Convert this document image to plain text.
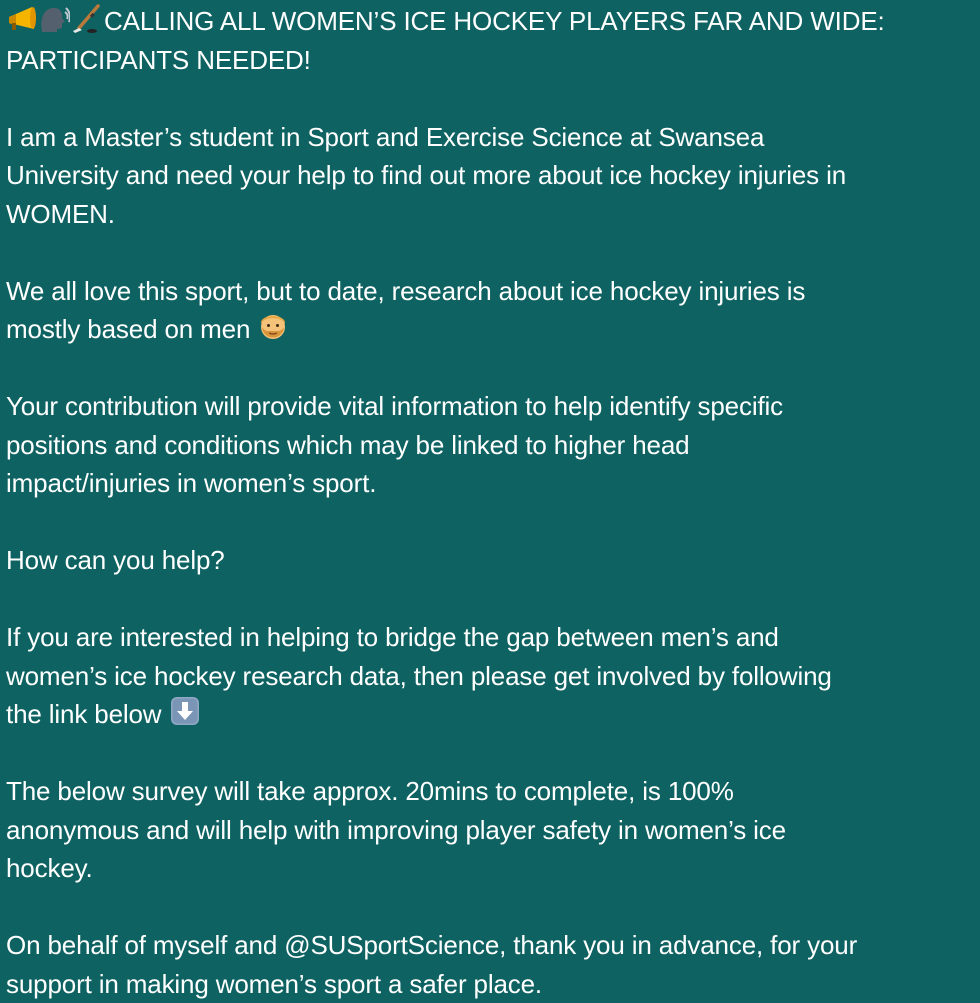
CALLING ALL WOMEN’S ICE HOCKEY PLAYERS FAR AND WIDE:
PARTICIPANTS NEEDED!
I am a Master’s student in Sport and Exercise Science at Swansea
University and need your help to find out more about ice hockey injuries in
WOMEN.
We all love this sport, but to date, research about ice hockey injuries is
mostly based on men
Your contribution will provide vital information to help identify specific
positions and conditions which may be linked to higher head
impact/injuries in women’s sport.
How can you help?
If you are interested in helping to bridge the gap between men’s and
women’s ice hockey research data, then please get involved by following
the link below
The below survey will take approx. 20mins to complete, is 100%
anonymous and will help with improving player safety in women’s ice
hockey.
On behalf of myself and @SUSportScience, thank you in advance, for your
support in making women’s sport a safer place.
